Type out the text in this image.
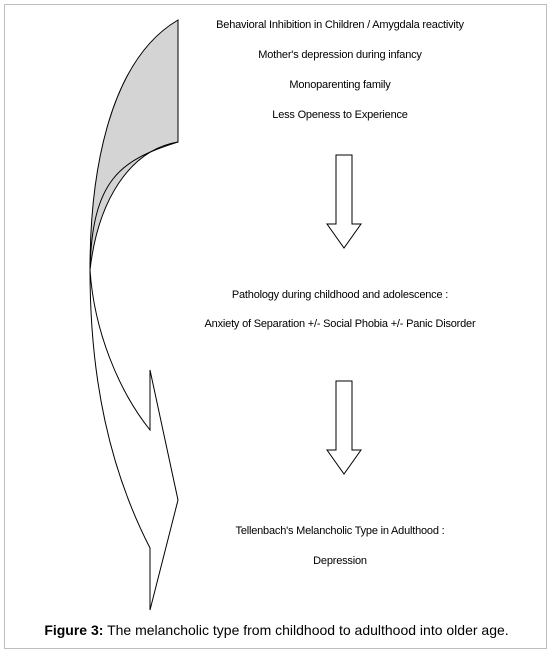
Behavioral Inhibition in Children / Amygdala reactivity
Mother's depression during infancy
Monoparenting family
Less Openess to Experience
Pathology during childhood and adolescence :
Anxiety of Separation +/- Social Phobia +/- Panic Disorder
Tellenbach's Melancholic Type in Adulthood :
Depression
Figure 3: The melancholic type from childhood to adulthood into older age.
